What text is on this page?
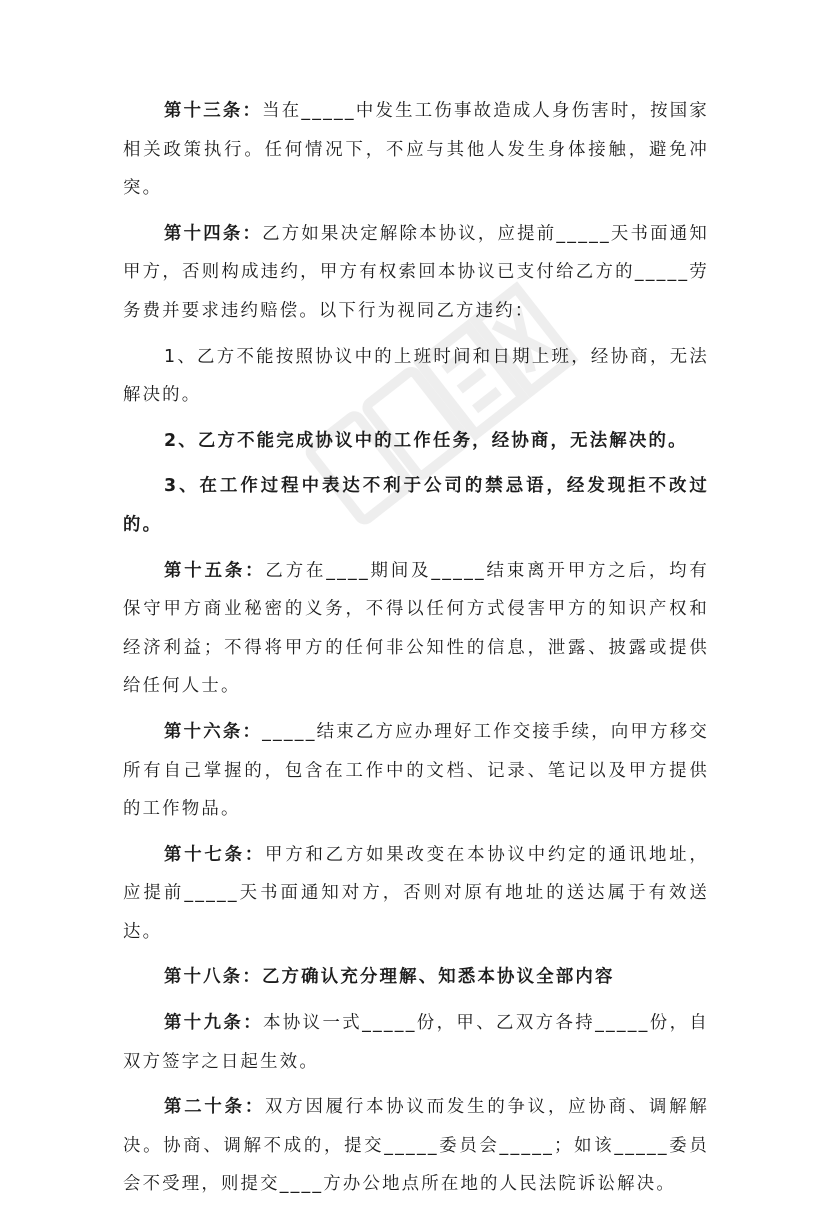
第十三条：当在_____中发生工伤事故造成人身伤害时，按国家相关政策执行。任何情况下，不应与其他人发生身体接触，避免冲突。

第十四条：乙方如果决定解除本协议，应提前_____天书面通知甲方，否则构成违约，甲方有权索回本协议已支付给乙方的_____劳务费并要求违约赔偿。以下行为视同乙方违约：

1、乙方不能按照协议中的上班时间和日期上班，经协商，无法解决的。

2、乙方不能完成协议中的工作任务，经协商，无法解决的。

3、在工作过程中表达不利于公司的禁忌语，经发现拒不改过的。

第十五条：乙方在____期间及_____结束离开甲方之后，均有保守甲方商业秘密的义务，不得以任何方式侵害甲方的知识产权和经济利益；不得将甲方的任何非公知性的信息，泄露、披露或提供给任何人士。

第十六条：_____结束乙方应办理好工作交接手续，向甲方移交所有自己掌握的，包含在工作中的文档、记录、笔记以及甲方提供的工作物品。

第十七条：甲方和乙方如果改变在本协议中约定的通讯地址，应提前_____天书面通知对方，否则对原有地址的送达属于有效送达。

第十八条：乙方确认充分理解、知悉本协议全部内容

第十九条：本协议一式_____份，甲、乙双方各持_____份，自双方签字之日起生效。

第二十条：双方因履行本协议而发生的争议，应协商、调解解决。协商、调解不成的，提交_____委员会_____；如该_____委员会不受理，则提交____方办公地点所在地的人民法院诉讼解决。
